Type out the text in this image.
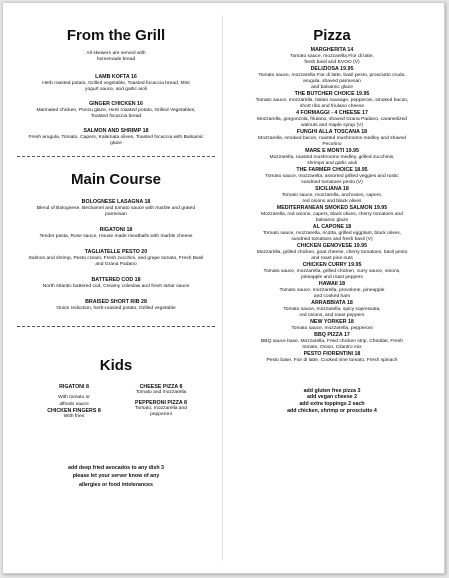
From the Grill

All skewers are served with

homemade bread

LAMB KOFTA 16

Herb roasted potato, Grilled vegetable, Toasted focaccia bread, Mint

yogurt sauce, and garlic aioli

GINGER CHICKEN 16

Marinated chicken, Ponzu glaze, Herb roasted potato, Grilled Vegetables,

Toasted focaccia bread

SALMON AND SHRIMP 18

Fresh arugula, Tomato, Capers, Kalamata olives, Toasted focaccia with Balsamic

glaze

Main Course

BOLOGNESE LASAGNA 18

Blend of Bolognese, Bechamel and tomato sauce with marble and grated

parmesan

RIGATONI 18

Tender pasta, Rose sauce, House made meatballs with marble cheese

TAGLIATELLE PESTO 20

Salmon and shrimp, Pesto cream, Fresh zucchini, and grape tomato, Fresh Basil

and Grana Padano

BATTERED COD 18

North Atlantic battered cod, Creamy coleslaw and fresh tartar sauce

BRAISED SHORT RIB 28

Onion reduction, herb-roasted potato, Grilled vegetable

Kids

RIGATONI 8

With tomato or

alfredo sauce

CHICKEN FINGERS 8

With fries

CHEESE PIZZA 8

Tomato and mozzarella

PEPPERONI PIZZA 8

Tomato, mozzarella and

pepperoni

add deep fried avocados to any dish 3

please let your server know of any

allergies or food intolerances

Pizza

MARGHERITA 14

Tomato sauce, mozzarella Fior di latte,

fresh basil and EVOO (V)

DELIZIOSA 19.95

Tomato sauce, mozzarella Fior di latte, basil pesto, prosciutto crudo,

arugula, shaved parmesan

and balsamic glaze

THE BUTCHER CHOICE 19.95

Tomato sauce, mozzarella, Italian sausage, pepperoni, smoked bacon,

short ribs and friulano cheese

4 FORMAGGI - 4 CHEESE 17

Mozzarella, gorgonzola, friulano, shaved Grana Padano, caramelized

walnuts and maple syrup (V)

FUNGHI ALLA TOSCANA 18

Mozzarella, smoked bacon, roasted mushrooms medley and shaved

Pecorino

MARE E MONTI 19.95

Mozzarella, roasted mushrooms medley, grilled zucchinis,

shrimps and garlic aioli

THE FARMER CHOICE 18.95

Tomato sauce, mozzarella, assorted grilled veggies and rustic

sundried tomatoes pesto (V)

SICILIANA 18

Tomato sauce, mozzarella, anchovies, capers,

red onions and black olives

MEDITERRANEAN SMOKED SALMON 19.95

Mozzarella, red onions, capers, black olives, cherry tomatoes and

balsamic glaze

AL CAPONE 18

Tomato sauce, mozzarella, ricotta, grilled eggplant, black olives,

sundried tomatoes and fresh basil (V)

CHICKEN GENOVESE 19.95

Mozzarella, grilled chicken, goat cheese, cherry tomatoes, basil pesto

and roast pine nuts

CHICKEN CURRY 19.95

Tomato sauce, mozzarella, grilled chicken, curry sauce, onions,

pineapple and roast peppers

HAWAII 18

Tomato sauce, mozzarella, provolone, pineapple

and cooked ham

ARRABBIATA 18

Tomato sauce, mozzarella, spicy sopressata,

red onions, and roast peppers

NEW YORKER 18

Tomato sauce, mozzarella, pepperoni

BBQ PIZZA 17

BBQ sauce base, Mozzarella, Fried chicken strip, Cheddar, Fresh

tomato, Onion, Cilantro mix

PESTO FIORENTINI 18

Pesto base, Fior di latte, Cooked vine tomato, Fresh spinach

add gluten free pizza 3

add vegan cheese 2

add extra toppings 2 each

add chicken, shrimp or prosciutto 4
